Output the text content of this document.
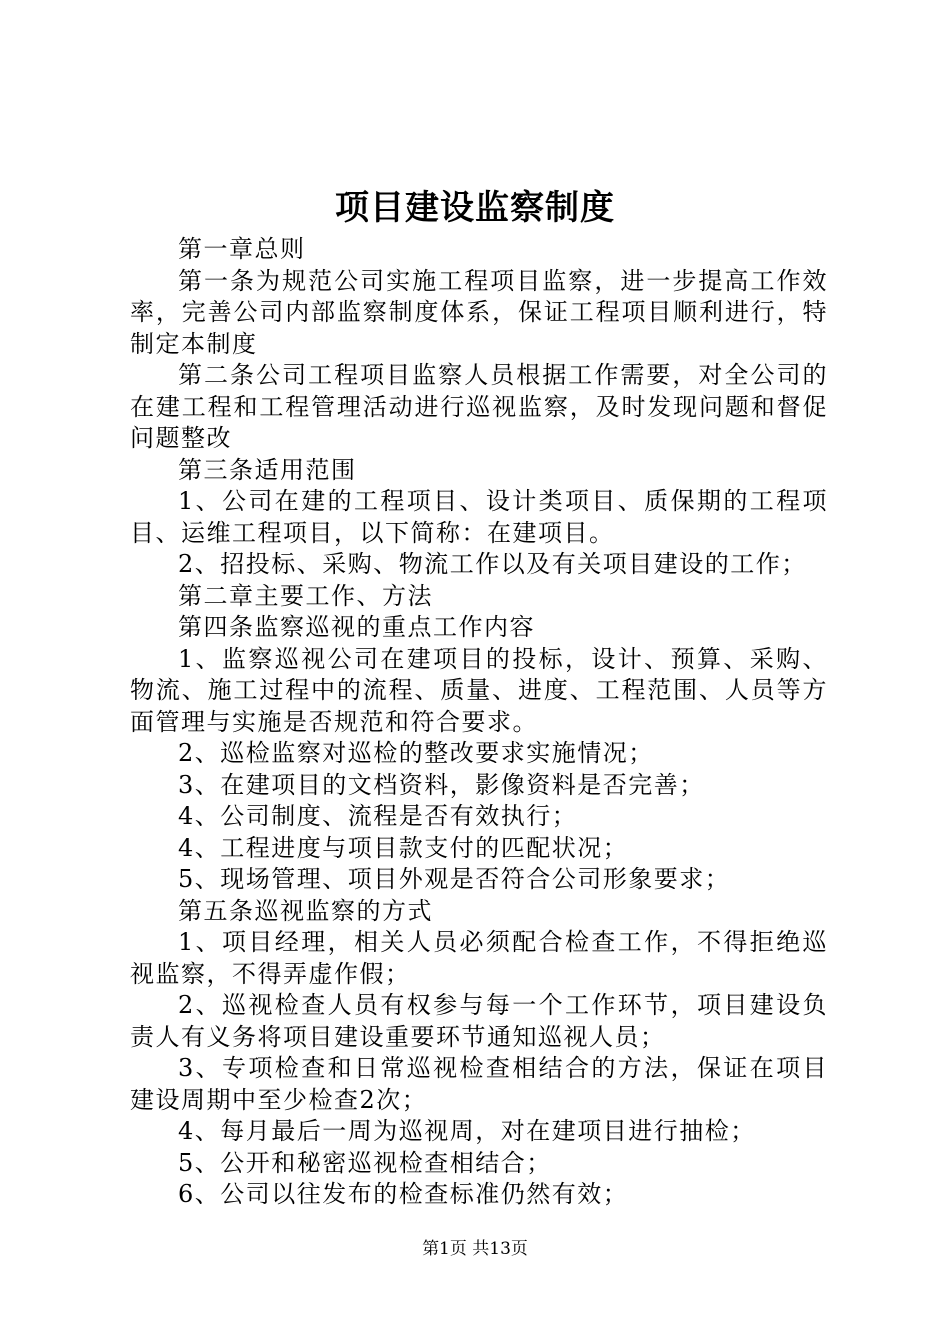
项目建设监察制度

第一章总则

第一条为规范公司实施工程项目监察，进一步提高工作效率，完善公司内部监察制度体系，保证工程项目顺利进行，特制定本制度

第二条公司工程项目监察人员根据工作需要，对全公司的在建工程和工程管理活动进行巡视监察，及时发现问题和督促问题整改

第三条适用范围

1、公司在建的工程项目、设计类项目、质保期的工程项目、运维工程项目，以下简称：在建项目。

2、招投标、采购、物流工作以及有关项目建设的工作；

第二章主要工作、方法

第四条监察巡视的重点工作内容

1、监察巡视公司在建项目的投标，设计、预算、采购、物流、施工过程中的流程、质量、进度、工程范围、人员等方面管理与实施是否规范和符合要求。

2、巡检监察对巡检的整改要求实施情况；

3、在建项目的文档资料，影像资料是否完善；

4、公司制度、流程是否有效执行；

4、工程进度与项目款支付的匹配状况；

5、现场管理、项目外观是否符合公司形象要求；

第五条巡视监察的方式

1、项目经理，相关人员必须配合检查工作，不得拒绝巡视监察，不得弄虚作假；

2、巡视检查人员有权参与每一个工作环节，项目建设负责人有义务将项目建设重要环节通知巡视人员；

3、专项检查和日常巡视检查相结合的方法，保证在项目建设周期中至少检查2次；

4、每月最后一周为巡视周，对在建项目进行抽检；

5、公开和秘密巡视检查相结合；

6、公司以往发布的检查标准仍然有效；

第1页 共13页
